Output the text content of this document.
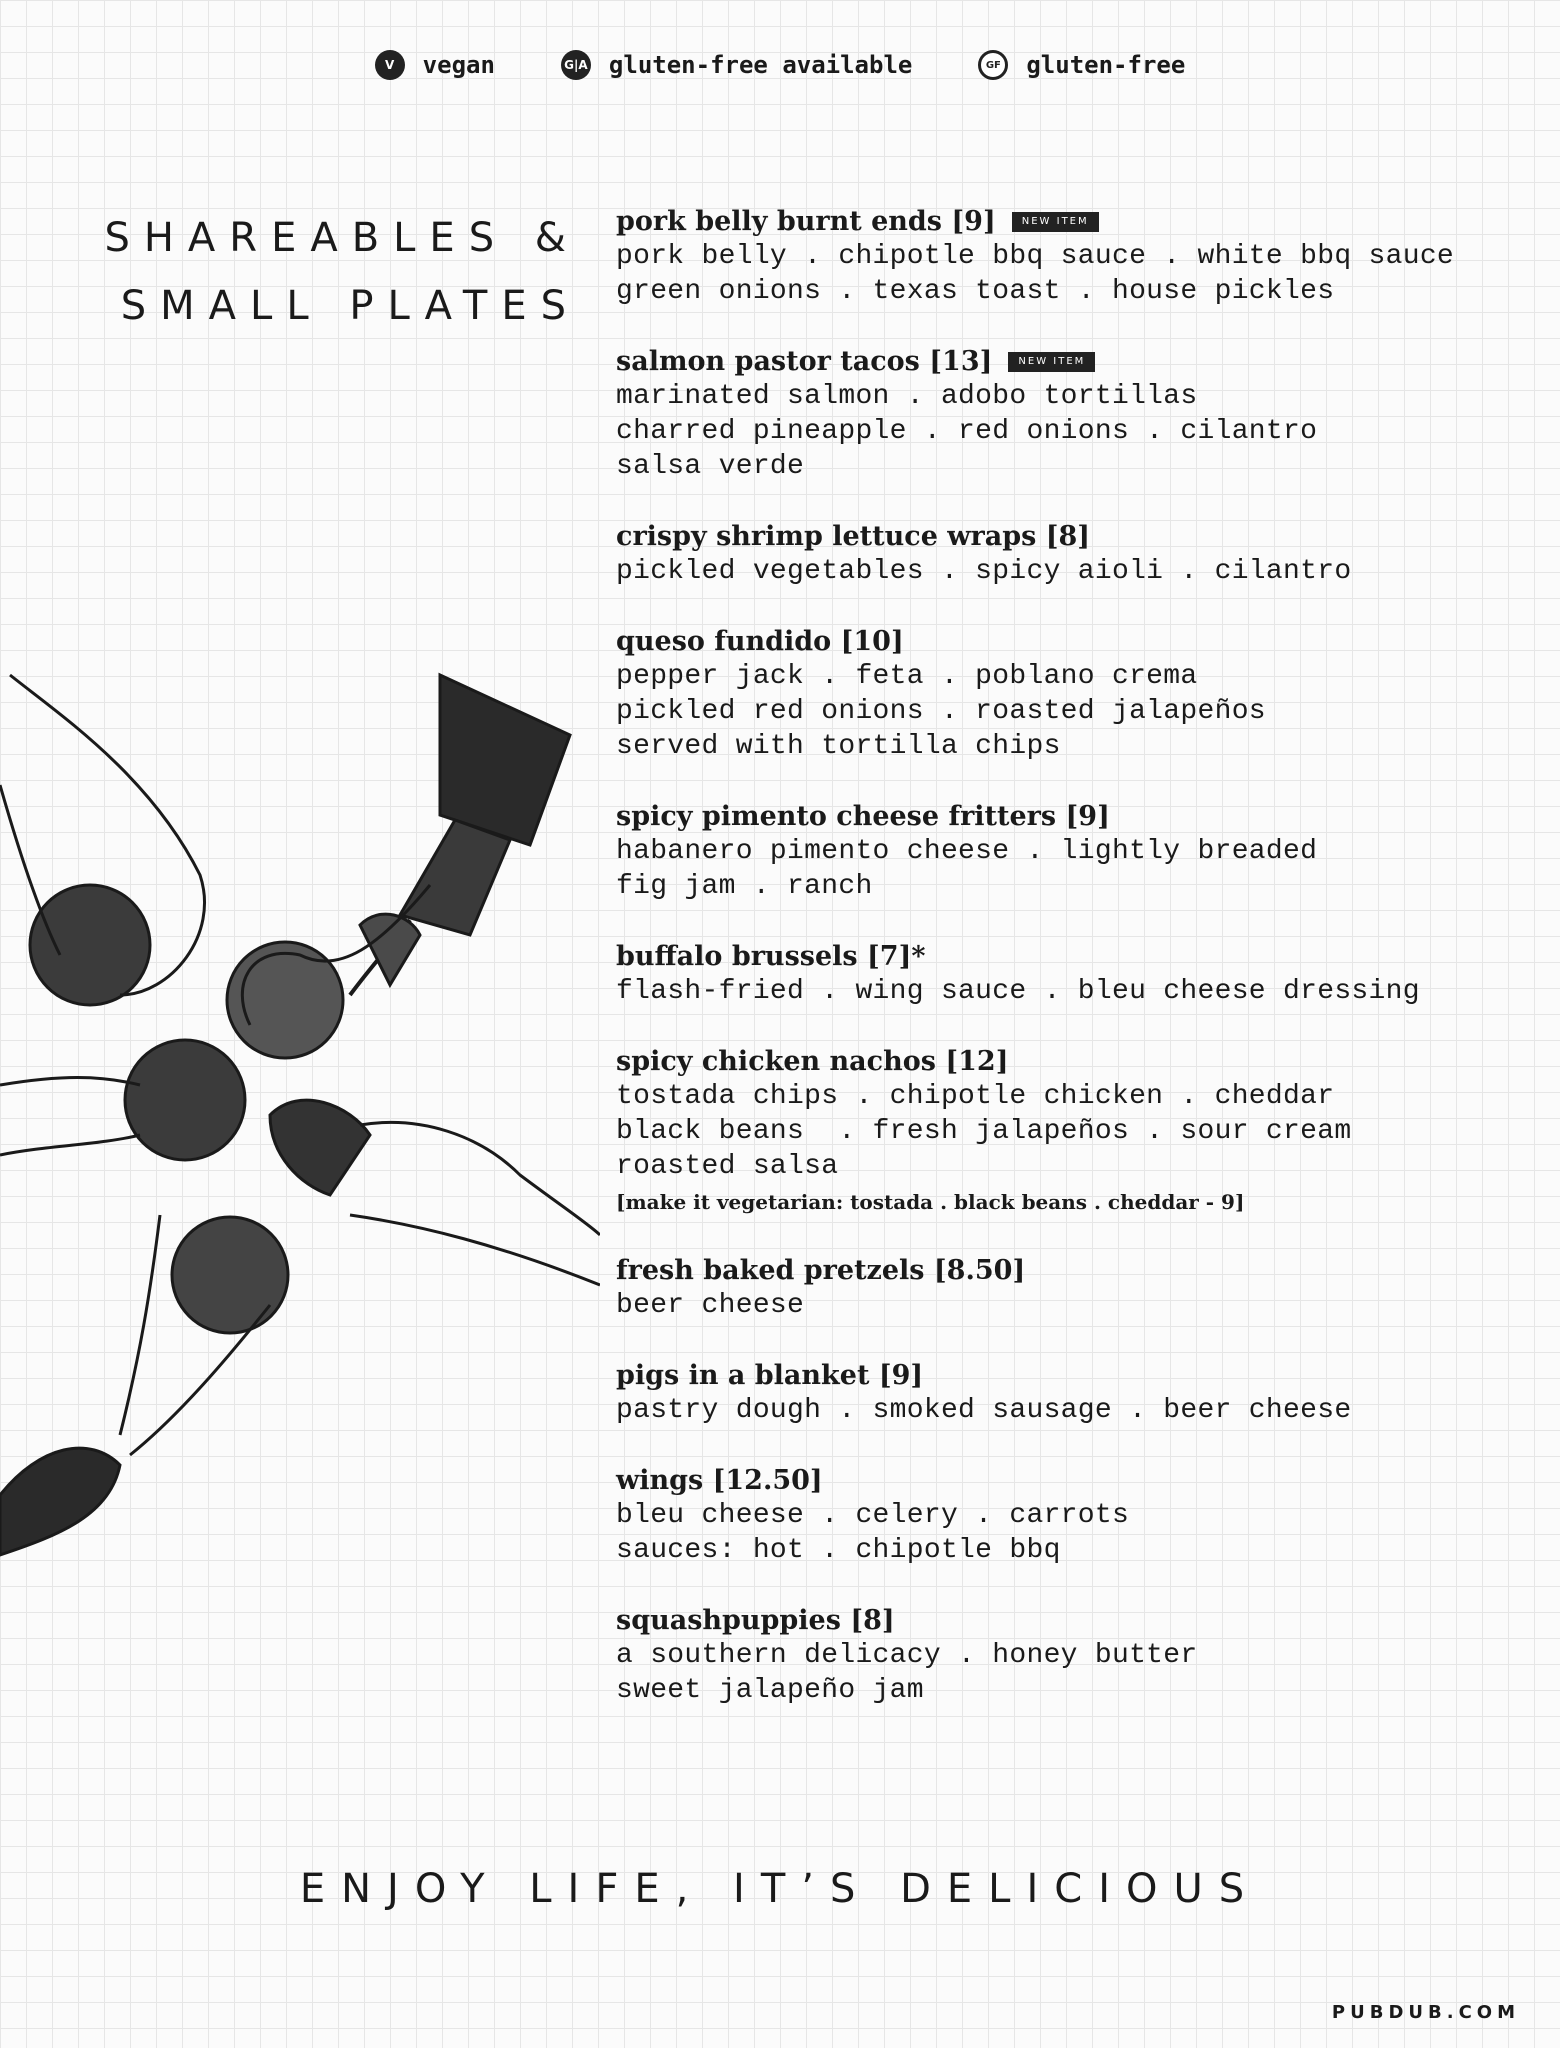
V	vegan	G|A gluten-free available	GF	gluten-free
SHAREABLES &
SMALL PLATES
pork belly burnt ends [9]	NEW ITEM
pork belly . chipotle bbq sauce . white bbq sauce
green onions . texas toast . house pickles
salmon pastor tacos [13]	NEW ITEM
marinated salmon . adobo tortillas
charred pineapple . red onions . cilantro
salsa verde
crispy shrimp lettuce wraps [8]
pickled vegetables . spicy aioli . cilantro
queso fundido [10]
pepper jack . feta . poblano crema
pickled red onions . roasted jalapeños
served with tortilla chips
spicy pimento cheese fritters [9]
habanero pimento cheese . lightly breaded
fig jam . ranch
buffalo brussels [7]*
flash-fried . wing sauce . bleu cheese dressing
spicy chicken nachos [12]
tostada chips . chipotle chicken . cheddar
black beans  . fresh jalapeños . sour cream
roasted salsa
[make it vegetarian: tostada . black beans . cheddar - 9]
fresh baked pretzels [8.50]
beer cheese
pigs in a blanket [9]
pastry dough . smoked sausage . beer cheese
wings [12.50]
bleu cheese . celery . carrots
sauces: hot . chipotle bbq
squashpuppies [8]
a southern delicacy . honey butter
sweet jalapeño jam
ENJOY LIFE, IT’S DELICIOUS
PUBDUB.COM
